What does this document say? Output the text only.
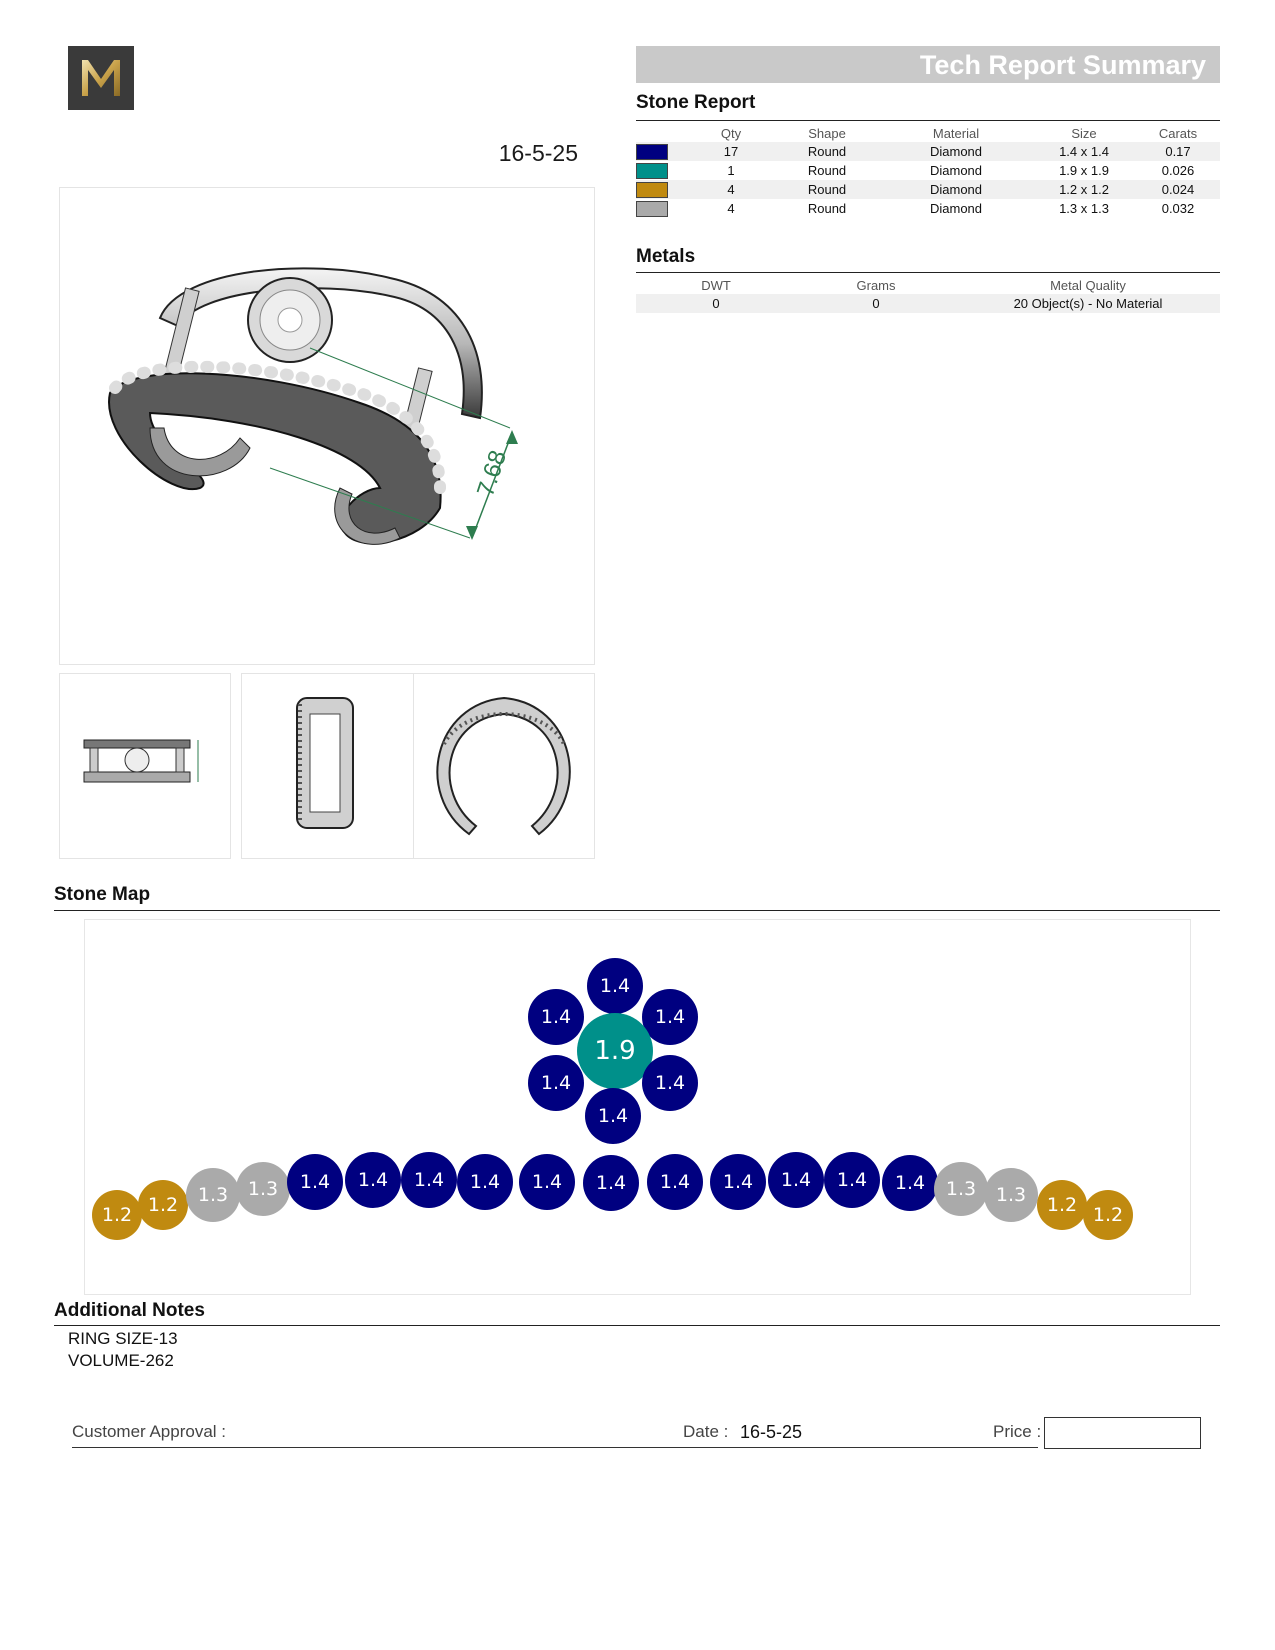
16-5-25
7.68
Tech Report Summary
Stone Report
	Qty	Shape	Material	Size	Carats
	17	Round	Diamond	1.4 x 1.4	0.17
	1	Round	Diamond	1.9 x 1.9	0.026
	4	Round	Diamond	1.2 x 1.2	0.024
	4	Round	Diamond	1.3 x 1.3	0.032
Metals
DWT	Grams	Metal Quality
0	0	20 Object(s) - No Material
Stone Map
1.4
1.4	1.4
1.9
1.4	1.4
1.4
1.2 1.2	1.3	1.3	1.4	1.4	1.4	1.4	1.4	1.4	1.4	1.4	1.4	1.4	1.4	1.3	1.3	1.2 1.2
Additional Notes
RING SIZE-13
VOLUME-262
Customer Approval :	Date : 16-5-25	Price :
